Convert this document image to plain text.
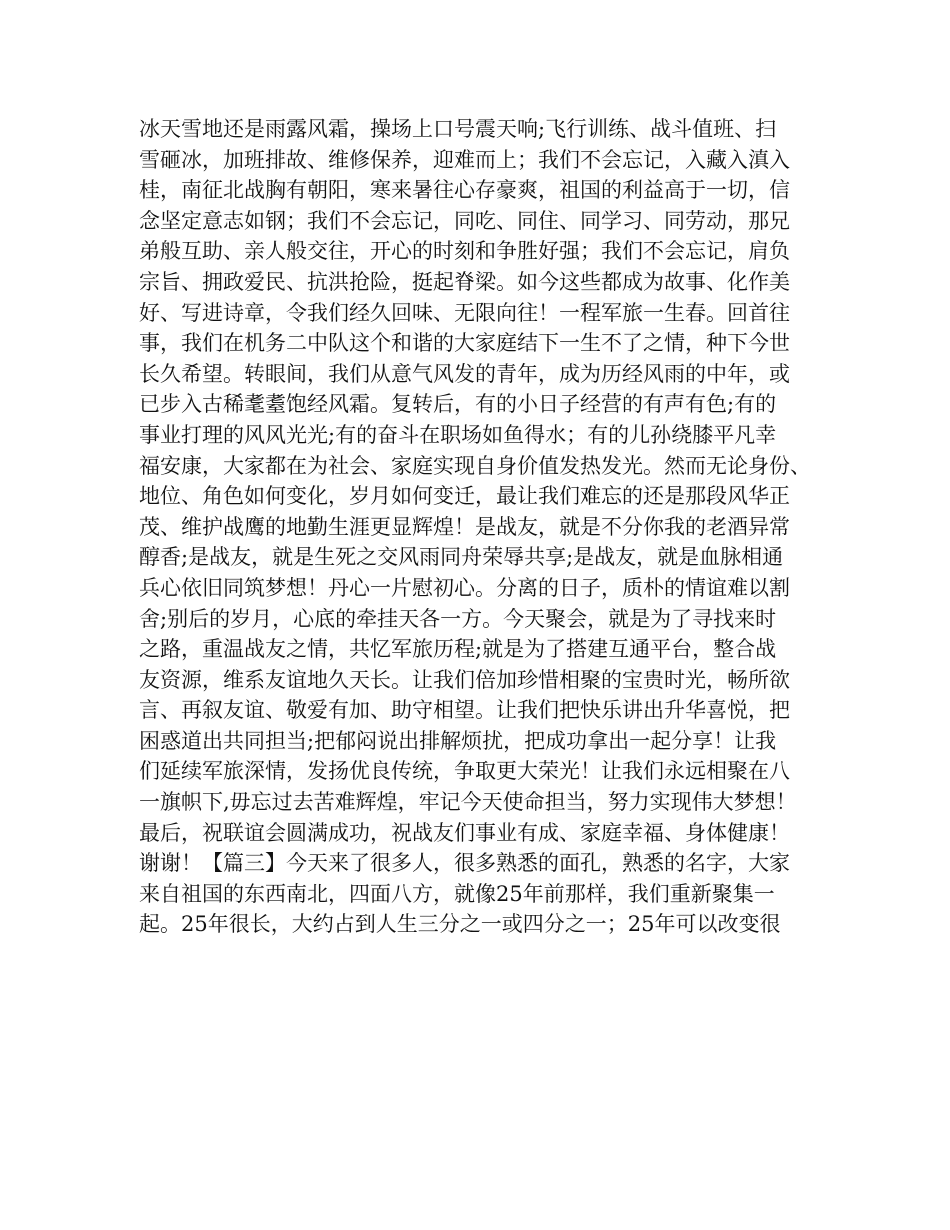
冰天雪地还是雨露风霜，操场上口号震天响;飞行训练、战斗值班、扫
雪砸冰，加班排故、维修保养，迎难而上；我们不会忘记，入藏入滇入
桂，南征北战胸有朝阳，寒来暑往心存豪爽，祖国的利益高于一切，信
念坚定意志如钢；我们不会忘记，同吃、同住、同学习、同劳动，那兄
弟般互助、亲人般交往，开心的时刻和争胜好强；我们不会忘记，肩负
宗旨、拥政爱民、抗洪抢险，挺起脊梁。如今这些都成为故事、化作美
好、写进诗章，令我们经久回味、无限向往！一程军旅一生春。回首往
事，我们在机务二中队这个和谐的大家庭结下一生不了之情，种下今世
长久希望。转眼间，我们从意气风发的青年，成为历经风雨的中年，或
已步入古稀耄耋饱经风霜。复转后，有的小日子经营的有声有色;有的
事业打理的风风光光;有的奋斗在职场如鱼得水；有的儿孙绕膝平凡幸
福安康，大家都在为社会、家庭实现自身价值发热发光。然而无论身份、
地位、角色如何变化，岁月如何变迁，最让我们难忘的还是那段风华正
茂、维护战鹰的地勤生涯更显辉煌！是战友，就是不分你我的老酒异常
醇香;是战友，就是生死之交风雨同舟荣辱共享;是战友，就是血脉相通
兵心依旧同筑梦想！丹心一片慰初心。分离的日子，质朴的情谊难以割
舍;别后的岁月，心底的牵挂天各一方。今天聚会，就是为了寻找来时
之路，重温战友之情，共忆军旅历程;就是为了搭建互通平台，整合战
友资源，维系友谊地久天长。让我们倍加珍惜相聚的宝贵时光，畅所欲
言、再叙友谊、敬爱有加、助守相望。让我们把快乐讲出升华喜悦，把
困惑道出共同担当;把郁闷说出排解烦扰，把成功拿出一起分享！让我
们延续军旅深情，发扬优良传统，争取更大荣光！让我们永远相聚在八
一旗帜下,毋忘过去苦难辉煌，牢记今天使命担当，努力实现伟大梦想！
最后，祝联谊会圆满成功，祝战友们事业有成、家庭幸福、身体健康！
谢谢！【篇三】今天来了很多人，很多熟悉的面孔，熟悉的名字，大家
来自祖国的东西南北，四面八方，就像25年前那样，我们重新聚集一
起。25年很长，大约占到人生三分之一或四分之一；25年可以改变很
